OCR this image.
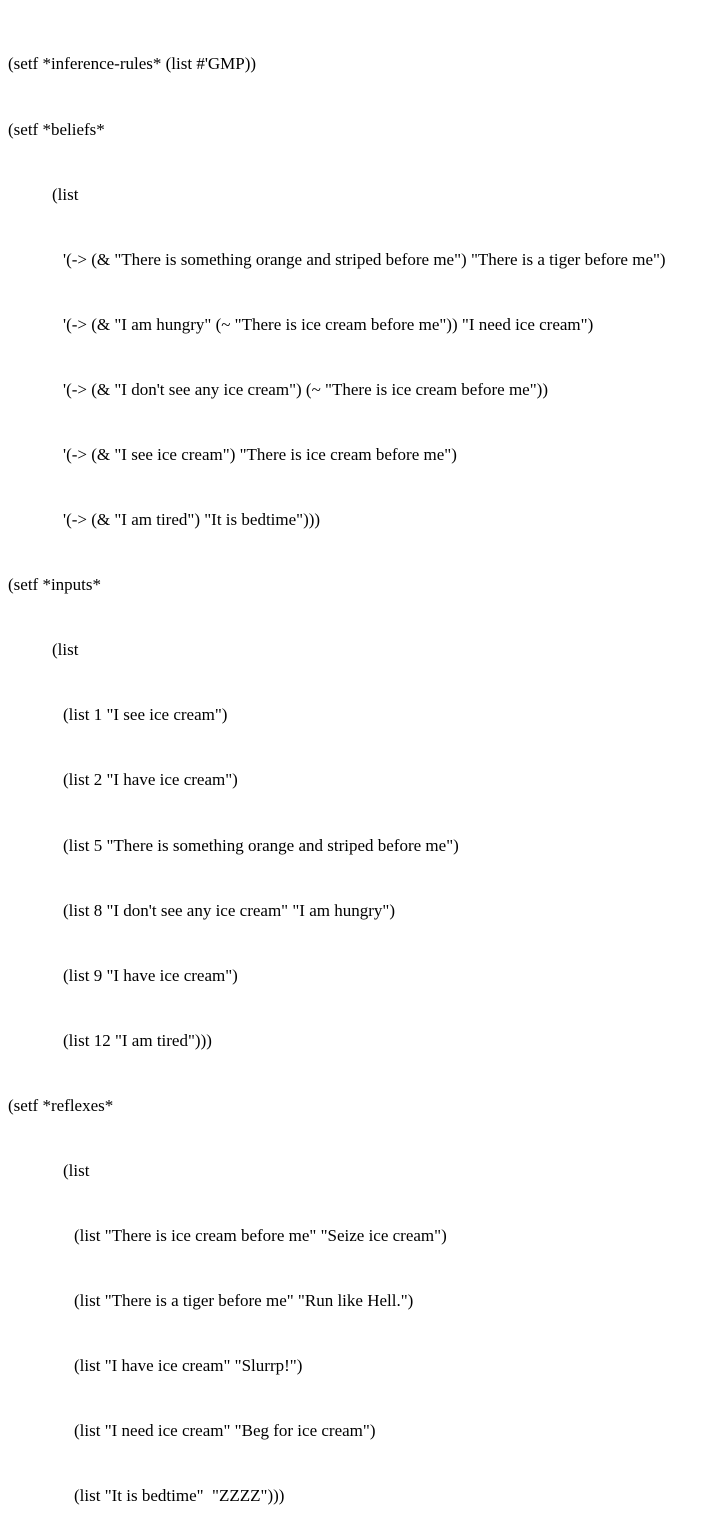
(setf *inference-rules* (list #'GMP))

(setf *beliefs*

(list

'(-> (& "There is something orange and striped before me") "There is a tiger before me")

'(-> (& "I am hungry" (~ "There is ice cream before me")) "I need ice cream")

'(-> (& "I don't see any ice cream") (~ "There is ice cream before me"))

'(-> (& "I see ice cream") "There is ice cream before me")

'(-> (& "I am tired") "It is bedtime")))

(setf *inputs*

(list

(list 1 "I see ice cream")

(list 2 "I have ice cream")

(list 5 "There is something orange and striped before me")

(list 8 "I don't see any ice cream" "I am hungry")

(list 9 "I have ice cream")

(list 12 "I am tired")))

(setf *reflexes*

(list

(list "There is ice cream before me" "Seize ice cream")

(list "There is a tiger before me" "Run like Hell.")

(list "I have ice cream" "Slurrp!")

(list "I need ice cream" "Beg for ice cream")

(list "It is bedtime"  "ZZZZ")))
